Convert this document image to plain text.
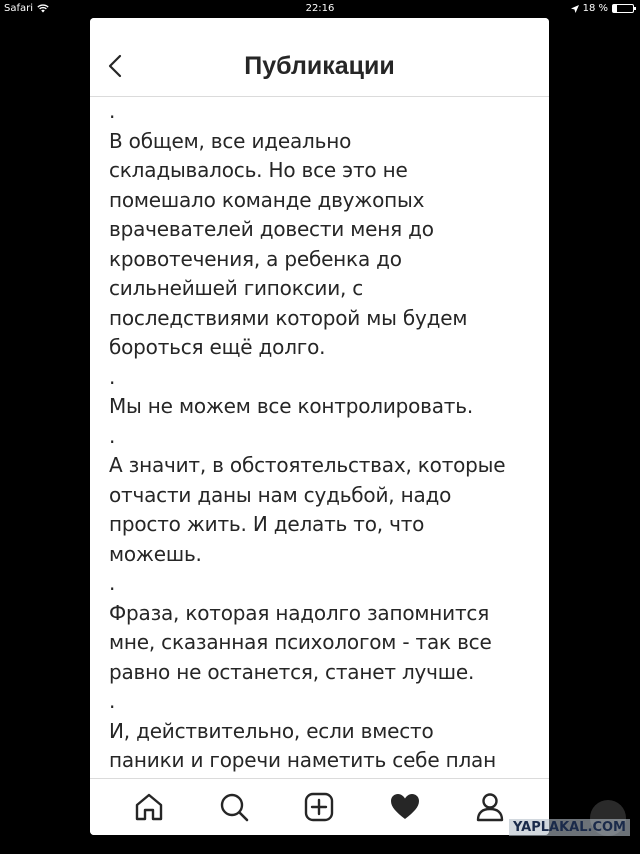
Safari	22:16	18 %
Публикации

.

В общем, все идеально
складывалось. Но все это не
помешало команде двужопых
врачевателей довести меня до
кровотечения, а ребенка до
сильнейшей гипоксии, с
последствиями которой мы будем
бороться ещё долго.

.

Мы не можем все контролировать.

.

А значит, в обстоятельствах, которые
отчасти даны нам судьбой, надо
просто жить. И делать то, что
можешь.

.

Фраза, которая надолго запомнится
мне, сказанная психологом - так все
равно не останется, станет лучше.

.

И, действительно, если вместо
паники и горечи наметить себе план

YAPLAKAL.COM
